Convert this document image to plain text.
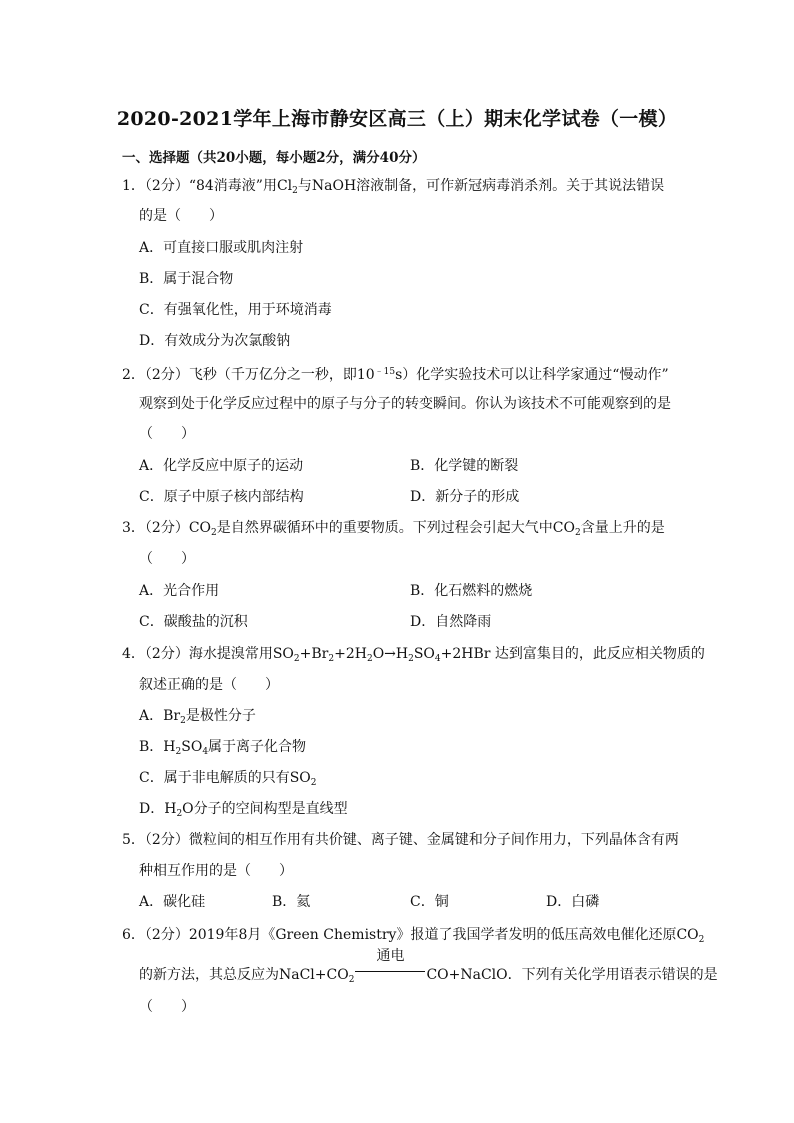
2020-2021学年上海市静安区高三（上）期末化学试卷（一模）
一、选择题（共20小题，每小题2分，满分40分）
1．（2分）“84消毒液”用$Cl_2$与NaOH溶液制备，可作新冠病毒消杀剂。关于其说法错误
的是（　　）
A．可直接口服或肌肉注射
B．属于混合物
C．有强氧化性，用于环境消毒
D．有效成分为次氯酸钠
2．（2分）飞秒（千万亿分之一秒，即$10^{﹣15}s$）化学实验技术可以让科学家通过“慢动作”
观察到处于化学反应过程中的原子与分子的转变瞬间。你认为该技术不可能观察到的是
（　　）
A．化学反应中原子的运动	B．化学键的断裂
C．原子中原子核内部结构	D．新分子的形成
3．（2分）$CO_2$是自然界碳循环中的重要物质。下列过程会引起大气中$CO_2$含量上升的是
（　　）
A．光合作用	B．化石燃料的燃烧
C．碳酸盐的沉积	D．自然降雨
4．（2分）海水提溴常用$SO_2+Br_2+2H_2O\to H_2SO_4+2HBr$ 达到富集目的，此反应相关物质的
叙述正确的是（　　）
A．$Br_2$是极性分子
B．$H_2SO_4$属于离子化合物
C．属于非电解质的只有$SO_2$
D．$H_2O$分子的空间构型是直线型
5．（2分）微粒间的相互作用有共价键、离子键、金属键和分子间作用力，下列晶体含有两
种相互作用的是（　　）
A．碳化硅	B．氦	C．铜	D．白磷
6．（2分）2019年8月《Green Chemistry》报道了我国学者发明的低压高效电催化还原$CO_2$
的新方法，其总反应为$NaCl+CO_2$
通电
CO+NaClO．下列有关化学用语表示错误的是
（　　）
